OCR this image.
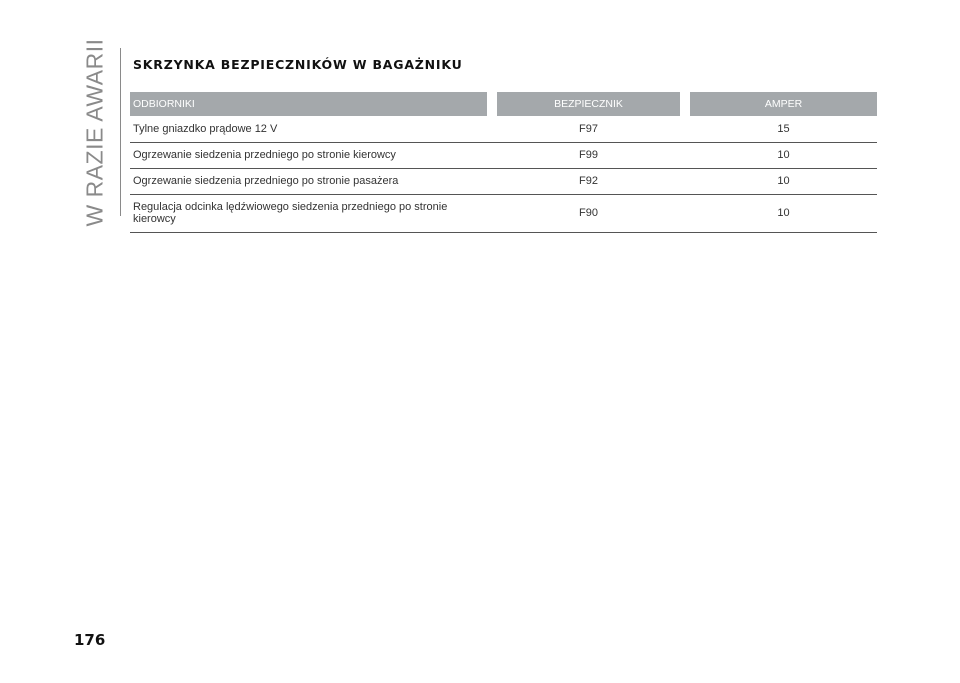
W RAZIE AWARII SKRZYNKA BEZPIECZNIKÓW W BAGAŻNIKU
ODBIORNIKI		BEZPIECZNIK		AMPER
Tylne gniazdko prądowe 12 V		F97		15
Ogrzewanie siedzenia przedniego po stronie kierowcy		F99		10
Ogrzewanie siedzenia przedniego po stronie pasażera		F92		10
Regulacja odcinka lędźwiowego siedzenia przedniego po stronie kierowcy		F90		10
176
